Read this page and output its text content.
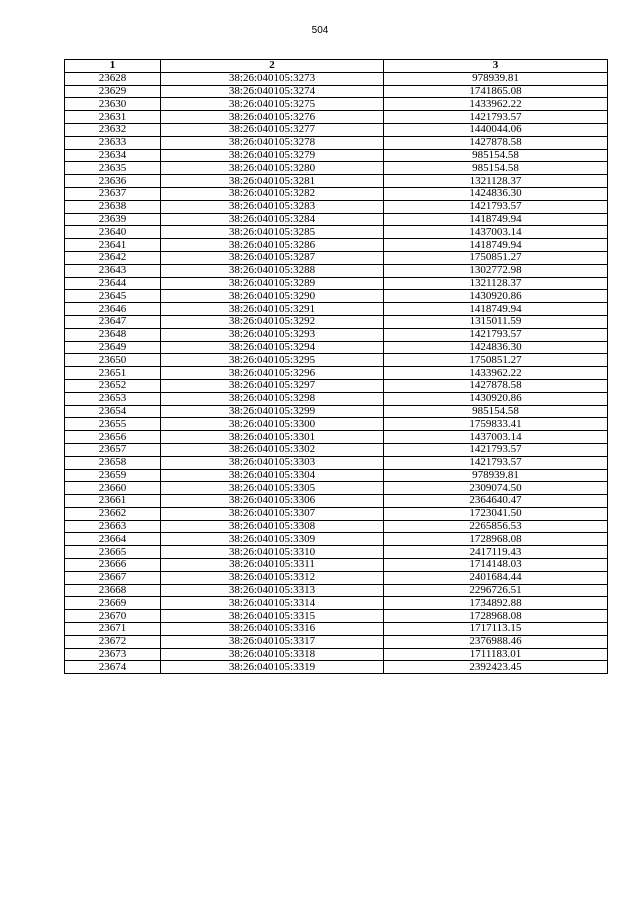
504
1	2	3
23628	38:26:040105:3273	978939.81
23629	38:26:040105:3274	1741865.08
23630	38:26:040105:3275	1433962.22
23631	38:26:040105:3276	1421793.57
23632	38:26:040105:3277	1440044.06
23633	38:26:040105:3278	1427878.58
23634	38:26:040105:3279	985154.58
23635	38:26:040105:3280	985154.58
23636	38:26:040105:3281	1321128.37
23637	38:26:040105:3282	1424836.30
23638	38:26:040105:3283	1421793.57
23639	38:26:040105:3284	1418749.94
23640	38:26:040105:3285	1437003.14
23641	38:26:040105:3286	1418749.94
23642	38:26:040105:3287	1750851.27
23643	38:26:040105:3288	1302772.98
23644	38:26:040105:3289	1321128.37
23645	38:26:040105:3290	1430920.86
23646	38:26:040105:3291	1418749.94
23647	38:26:040105:3292	1315011.59
23648	38:26:040105:3293	1421793.57
23649	38:26:040105:3294	1424836.30
23650	38:26:040105:3295	1750851.27
23651	38:26:040105:3296	1433962.22
23652	38:26:040105:3297	1427878.58
23653	38:26:040105:3298	1430920.86
23654	38:26:040105:3299	985154.58
23655	38:26:040105:3300	1759833.41
23656	38:26:040105:3301	1437003.14
23657	38:26:040105:3302	1421793.57
23658	38:26:040105:3303	1421793.57
23659	38:26:040105:3304	978939.81
23660	38:26:040105:3305	2309074.50
23661	38:26:040105:3306	2364640.47
23662	38:26:040105:3307	1723041.50
23663	38:26:040105:3308	2265856.53
23664	38:26:040105:3309	1728968.08
23665	38:26:040105:3310	2417119.43
23666	38:26:040105:3311	1714148.03
23667	38:26:040105:3312	2401684.44
23668	38:26:040105:3313	2296726.51
23669	38:26:040105:3314	1734892.88
23670	38:26:040105:3315	1728968.08
23671	38:26:040105:3316	1717113.15
23672	38:26:040105:3317	2376988.46
23673	38:26:040105:3318	1711183.01
23674	38:26:040105:3319	2392423.45
